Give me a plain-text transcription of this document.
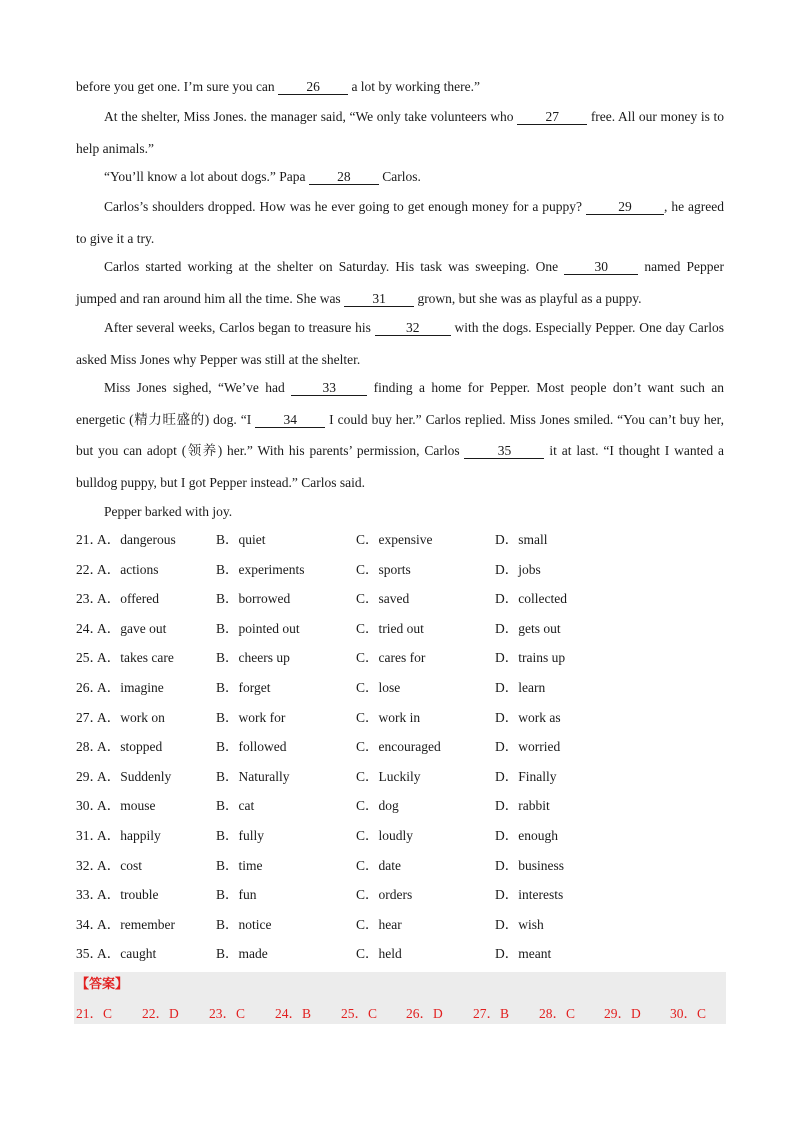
before you get one. I’m sure you can 26 a lot by working there.”

At the shelter, Miss Jones. the manager said, “We only take volunteers who 27 free. All our money is to help animals.”

“You’ll know a lot about dogs.” Papa 28 Carlos.

Carlos’s shoulders dropped. How was he ever going to get enough money for a puppy?	29 , he agreed to give it a try.

Carlos started working at the shelter on Saturday. His task was sweeping. One	30	named Pepper jumped and ran around him all the time. She was 31 grown, but she was as playful as a puppy.

After several weeks, Carlos began to treasure his	32	with the dogs. Especially Pepper. One day Carlos asked Miss Jones why Pepper was still at the shelter.

Miss Jones sighed, “We’ve had	33	finding a home for Pepper. Most people don’t want such an energetic (精力旺盛的) dog. “I 34 I could buy her.” Carlos replied. Miss Jones smiled. “You can’t buy her, but you can adopt (领养) her.” With his parents’ permission, Carlos	35	it at last. “I thought I wanted a bulldog puppy, but I got Pepper instead.” Carlos said.

Pepper barked with joy.

21．
A．dangerous	B．quiet	C．expensive	D．small
22．
A．actions	B．experiments	C．sports	D．jobs
23．
A．offered	B．borrowed	C．saved	D．collected
24．
A．gave out	B．pointed out	C．tried out	D．gets out
25．
A．takes care	B．cheers up	C．cares for	D．trains up
26．
A．imagine	B．forget	C．lose	D．learn
27．
A．work on	B．work for	C．work in	D．work as
28．
A．stopped	B．followed	C．encouraged	D．worried
29．
A．Suddenly	B．Naturally	C．Luckily	D．Finally
30．
A．mouse	B．cat	C．dog	D．rabbit
31．
A．happily	B．fully	C．loudly	D．enough
32．
A．cost	B．time	C．date	D．business
33．
A．trouble	B．fun	C．orders	D．interests
34．
A．remember	B．notice	C．hear	D．wish
35．
A．caught	B．made	C．held	D．meant
【答案】
21．C 22．D 23．C 24．B 25．C 26．D 27．B 28．C 29．D 30．C
